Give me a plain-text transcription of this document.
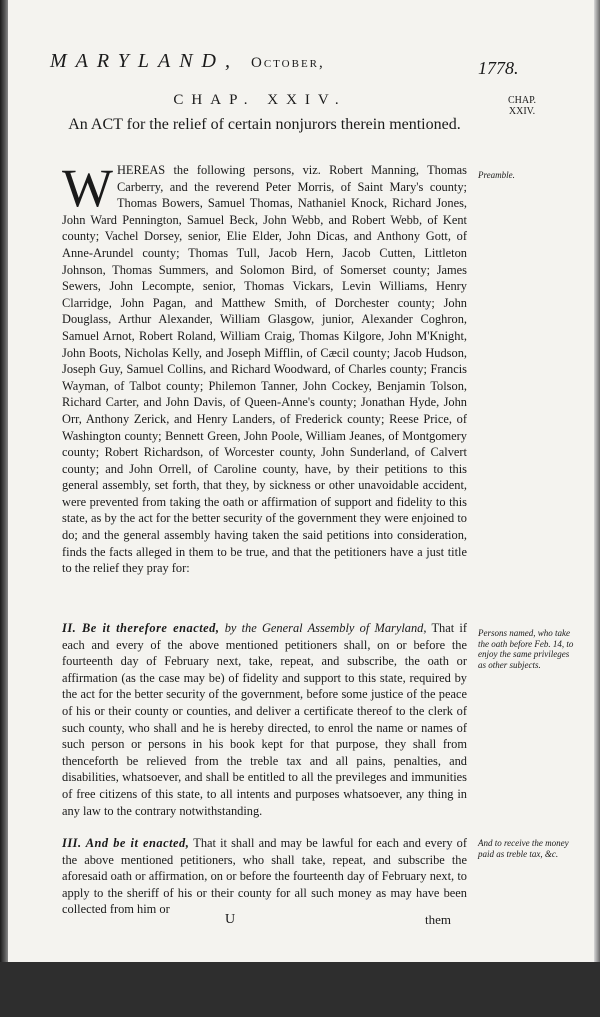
MARYLAND, October,	1778.
CHAP. XXIV.	CHAP.
XXIV.
An ACT for the relief of certain nonjurors therein mentioned.
WHEREAS the following persons, viz. Robert Manning, Thomas Carberry, and the reverend Peter Morris, of Saint Mary's county; Thomas Bowers, Samuel Thomas, Nathaniel Knock, Richard Jones, John Ward Pennington, Samuel Beck, John Webb, and Robert Webb, of Kent county; Vachel Dorsey, senior, Elie Elder, John Dicas, and Anthony Gott, of Anne-Arundel county; Thomas Tull, Jacob Hern, Jacob Cutten, Littleton Johnson, Thomas Summers, and Solomon Bird, of Somerset county; James Sewers, John Lecompte, senior, Thomas Vickars, Levin Williams, Henry Clarridge, John Pagan, and Matthew Smith, of Dorchester county; John Douglass, Arthur Alexander, William Glasgow, junior, Alexander Coghron, Samuel Arnot, Robert Roland, William Craig, Thomas Kilgore, John M'Knight, John Boots, Nicholas Kelly, and Joseph Mifflin, of Cæcil county; Jacob Hudson, Joseph Guy, Samuel Collins, and Richard Woodward, of Charles county; Francis Wayman, of Talbot county; Philemon Tanner, John Cockey, Benjamin Tolson, Richard Carter, and John Davis, of Queen-Anne's county; Jonathan Hyde, John Orr, Anthony Zerick, and Henry Landers, of Frederick county; Reese Price, of Washington county; Bennett Green, John Poole, William Jeanes, of Montgomery county; Robert Richardson, of Worcester county, John Sunderland, of Calvert county; and John Orrell, of Caroline county, have, by their petitions to this general assembly, set forth, that they, by sickness or other unavoidable accident, were prevented from taking the oath or affirmation of support and fidelity to this state, as by the act for the better security of the government they were enjoined to do; and the general assembly having taken the said petitions into consideration, finds the facts alleged in them to be true, and that the petitioners have a just title to the relief they pray for:
II. Be it therefore enacted, by the General Assembly of Maryland, That if each and every of the above mentioned petitioners shall, on or before the fourteenth day of February next, take, repeat, and subscribe, the oath or affirmation (as the case may be) of fidelity and support to this state, required by the act for the better security of the government, before some justice of the peace of his or their county or counties, and deliver a certificate thereof to the clerk of such county, who shall and he is hereby directed, to enrol the name or names of such person or persons in his book kept for that purpose, they shall from thenceforth be relieved from the treble tax and all pains, penalties, and disabilities, whatsoever, and shall be entitled to all the previleges and immunities of free citizens of this state, to all intents and purposes whatsoever, any thing in any law to the contrary notwithstanding.
III. And be it enacted, That it shall and may be lawful for each and every of the above mentioned petitioners, who shall take, repeat, and subscribe the aforesaid oath or affirmation, on or before the fourteenth day of February next, to apply to the sheriff of his or their county for all such money as may have been collected from him or
Preamble.
Persons named, who take the oath before Feb. 14, to enjoy the same privileges as other subjects.
And to receive the money paid as treble tax, &c.
U	them
